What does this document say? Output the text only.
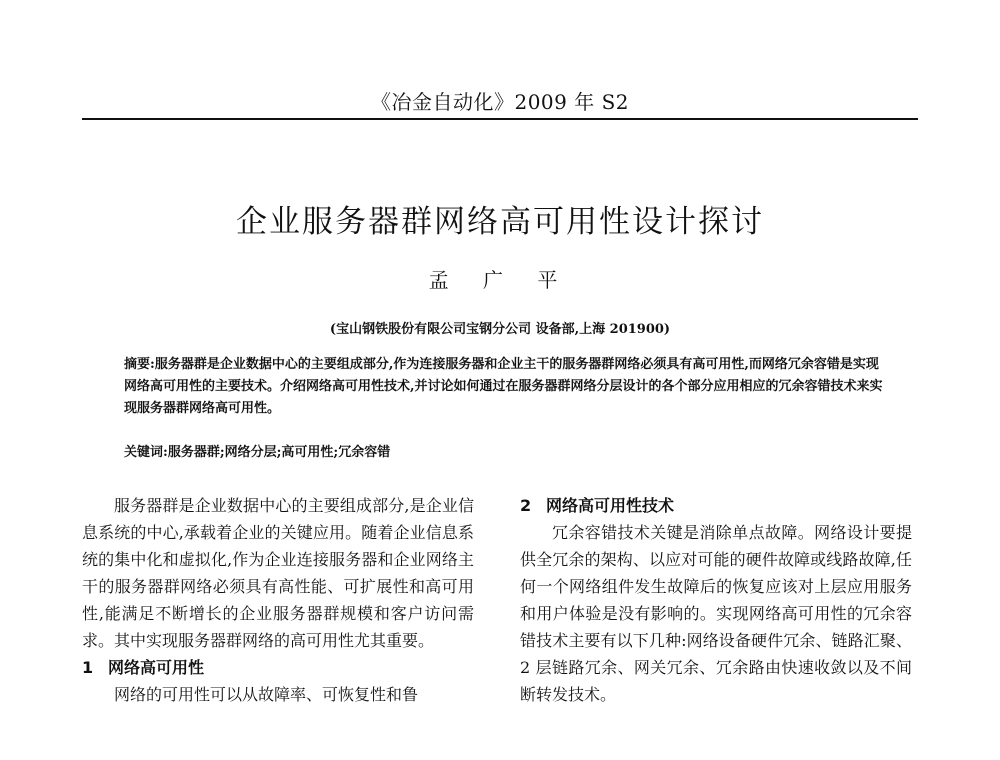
《冶金自动化》2009 年 S2
企业服务器群网络高可用性设计探讨
孟 广 平
(宝山钢铁股份有限公司宝钢分公司 设备部,上海 201900)
摘要:服务器群是企业数据中心的主要组成部分,作为连接服务器和企业主干的服务器群网络必须具有高可用性,而网络冗余容错是实现网络高可用性的主要技术。介绍网络高可用性技术,并讨论如何通过在服务器群网络分层设计的各个部分应用相应的冗余容错技术来实现服务器群网络高可用性。
关键词:服务器群;网络分层;高可用性;冗余容错

服务器群是企业数据中心的主要组成部分,是企业信息系统的中心,承载着企业的关键应用。随着企业信息系统的集中化和虚拟化,作为企业连接服务器和企业网络主干的服务器群网络必须具有高性能、可扩展性和高可用性,能满足不断增长的企业服务器群规模和客户访问需求。其中实现服务器群网络的高可用性尤其重要。

1 网络高可用性

网络的可用性可以从故障率、可恢复性和鲁

2 网络高可用性技术

冗余容错技术关键是消除单点故障。网络设计要提供全冗余的架构、以应对可能的硬件故障或线路故障,任何一个网络组件发生故障后的恢复应该对上层应用服务和用户体验是没有影响的。实现网络高可用性的冗余容错技术主要有以下几种:网络设备硬件冗余、链路汇聚、2 层链路冗余、网关冗余、冗余路由快速收敛以及不间断转发技术。
